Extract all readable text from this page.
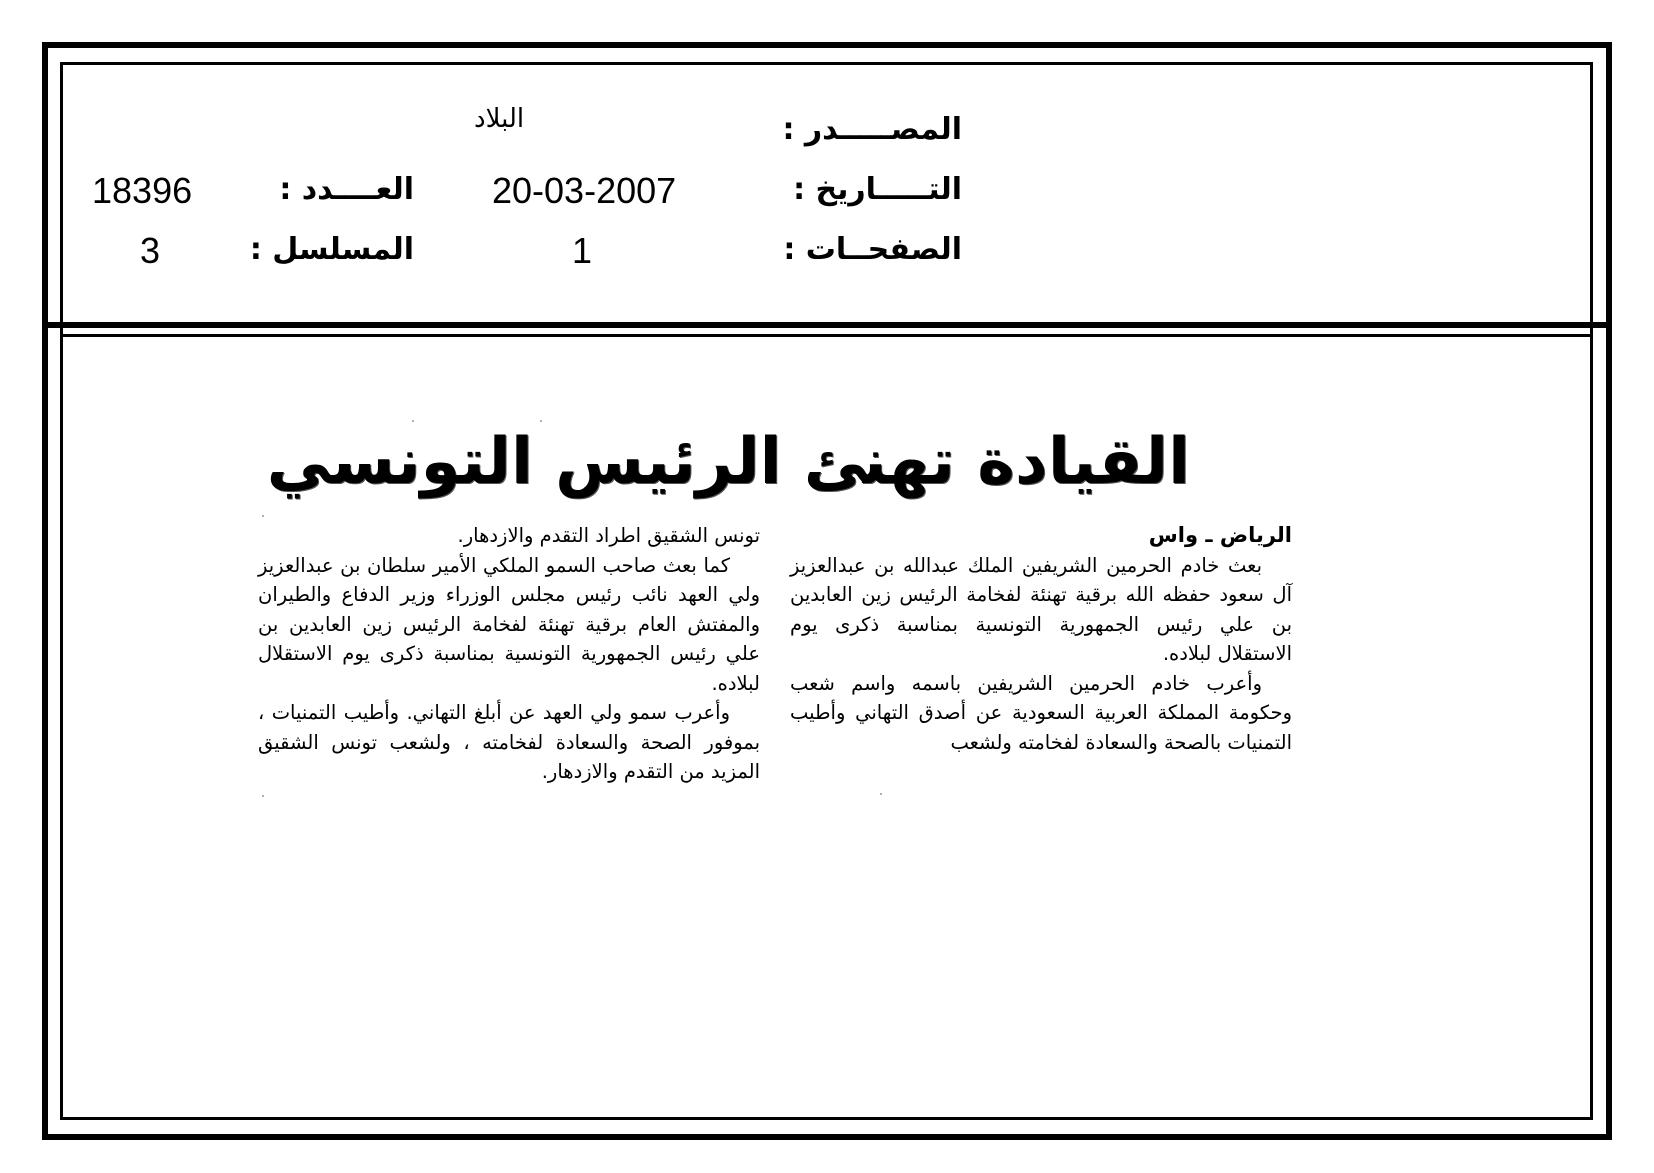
المصـــــدر :
البلاد
التـــــاريخ :
20-03-2007
العــــدد :
18396
الصفحــات :
1
المسلسل :
3
القيادة تهنئ الرئيس التونسي
الرياض ـ واس

بعث خادم الحرمين الشريفين الملك عبدالله بن عبدالعزيز آل سعود حفظه الله برقية تهنئة لفخامة الرئيس زين العابدين بن علي رئيس الجمهورية التونسية بمناسبة ذكرى يوم الاستقلال لبلاده.

وأعرب خادم الحرمين الشريفين باسمه واسم شعب وحكومة المملكة العربية السعودية عن أصدق التهاني وأطيب التمنيات بالصحة والسعادة لفخامته ولشعب

تونس الشقيق اطراد التقدم والازدهار.

كما بعث صاحب السمو الملكي الأمير سلطان بن عبدالعزيز ولي العهد نائب رئيس مجلس الوزراء وزير الدفاع والطيران والمفتش العام برقية تهنئة لفخامة الرئيس زين العابدين بن علي رئيس الجمهورية التونسية بمناسبة ذكرى يوم الاستقلال لبلاده.

وأعرب سمو ولي العهد عن أبلغ التهاني. وأطيب التمنيات ، بموفور الصحة والسعادة لفخامته ، ولشعب تونس الشقيق المزيد من التقدم والازدهار.
